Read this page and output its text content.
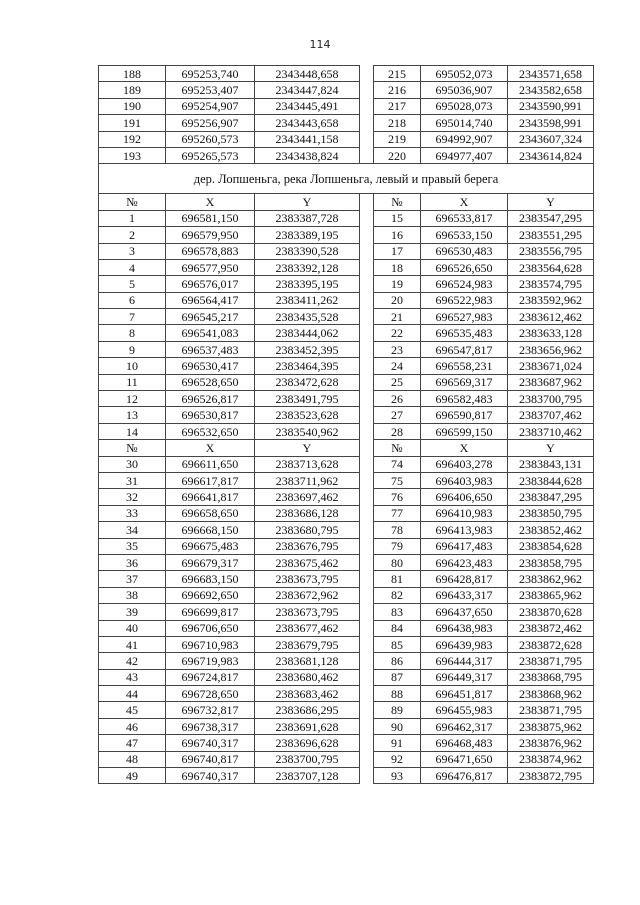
114
188	695253,740	2343448,658		215	695052,073	2343571,658
189	695253,407	2343447,824		216	695036,907	2343582,658
190	695254,907	2343445,491		217	695028,073	2343590,991
191	695256,907	2343443,658		218	695014,740	2343598,991
192	695260,573	2343441,158		219	694992,907	2343607,324
193	695265,573	2343438,824		220	694977,407	2343614,824
дер. Лопшеньга, река Лопшеньга, левый и правый берега						
№	X	Y		№	X	Y
1	696581,150	2383387,728		15	696533,817	2383547,295
2	696579,950	2383389,195		16	696533,150	2383551,295
3	696578,883	2383390,528		17	696530,483	2383556,795
4	696577,950	2383392,128		18	696526,650	2383564,628
5	696576,017	2383395,195		19	696524,983	2383574,795
6	696564,417	2383411,262		20	696522,983	2383592,962
7	696545,217	2383435,528		21	696527,983	2383612,462
8	696541,083	2383444,062		22	696535,483	2383633,128
9	696537,483	2383452,395		23	696547,817	2383656,962
10	696530,417	2383464,395		24	696558,231	2383671,024
11	696528,650	2383472,628		25	696569,317	2383687,962
12	696526,817	2383491,795		26	696582,483	2383700,795
13	696530,817	2383523,628		27	696590,817	2383707,462
14	696532,650	2383540,962		28	696599,150	2383710,462
№	X	Y		№	X	Y
30	696611,650	2383713,628		74	696403,278	2383843,131
31	696617,817	2383711,962		75	696403,983	2383844,628
32	696641,817	2383697,462		76	696406,650	2383847,295
33	696658,650	2383686,128		77	696410,983	2383850,795
34	696668,150	2383680,795		78	696413,983	2383852,462
35	696675,483	2383676,795		79	696417,483	2383854,628
36	696679,317	2383675,462		80	696423,483	2383858,795
37	696683,150	2383673,795		81	696428,817	2383862,962
38	696692,650	2383672,962		82	696433,317	2383865,962
39	696699,817	2383673,795		83	696437,650	2383870,628
40	696706,650	2383677,462		84	696438,983	2383872,462
41	696710,983	2383679,795		85	696439,983	2383872,628
42	696719,983	2383681,128		86	696444,317	2383871,795
43	696724,817	2383680,462		87	696449,317	2383868,795
44	696728,650	2383683,462		88	696451,817	2383868,962
45	696732,817	2383686,295		89	696455,983	2383871,795
46	696738,317	2383691,628		90	696462,317	2383875,962
47	696740,317	2383696,628		91	696468,483	2383876,962
48	696740,817	2383700,795		92	696471,650	2383874,962
49	696740,317	2383707,128		93	696476,817	2383872,795
